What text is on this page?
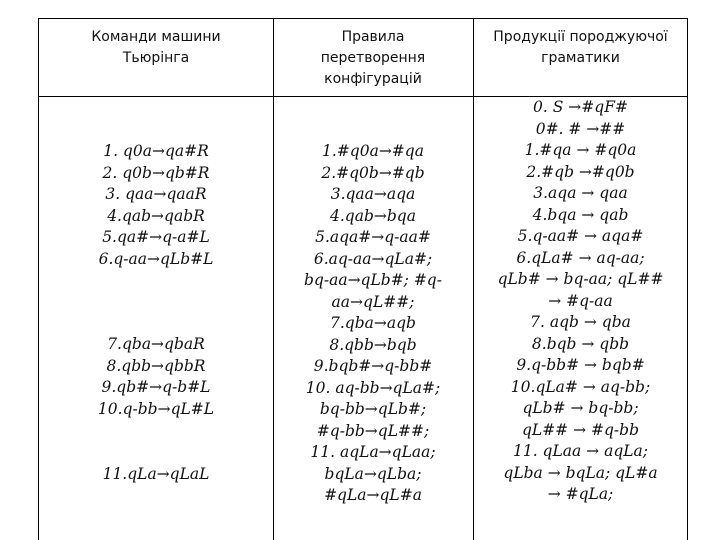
Команди машини
Тьюрінга
Правила
перетворення
конфігурацій
Продукції породжуючої
граматики
1. q0a→qa#R
2. q0b→qb#R
3. qaa→qaaR
4.qab→qabR
5.qa#→q-a#L
6.q-aa→qLb#L
7.qba→qbaR
8.qbb→qbbR
9.qb#→q-b#L
10.q-bb→qL#L
11.qLa→qLaL
1.#q0a→#qa
2.#q0b→#qb
3.qaa→aqa
4.qab→bqa
5.aqa#→q-aa#
6.aq-aa→qLa#;
bq-aa→qLb#; #q-
aa→qL##;
7.qba→aqb
8.qbb→bqb
9.bqb#→q-bb#
10. aq-bb→qLa#;
bq-bb→qLb#;
#q-bb→qL##;
11. aqLa→qLaa;
bqLa→qLba;
#qLa→qL#a
0. S →#qF#
0#. # →##
1.#qa → #q0a
2.#qb →#q0b
3.aqa → qaa
4.bqa → qab
5.q-aa# → aqa#
6.qLa# → aq-aa;
qLb# → bq-aa; qL##
→ #q-aa
7. aqb → qba
8.bqb → qbb
9.q-bb# → bqb#
10.qLa# → aq-bb;
qLb# → bq-bb;
qL## → #q-bb
11. qLaa → aqLa;
qLba → bqLa; qL#a
→ #qLa;
